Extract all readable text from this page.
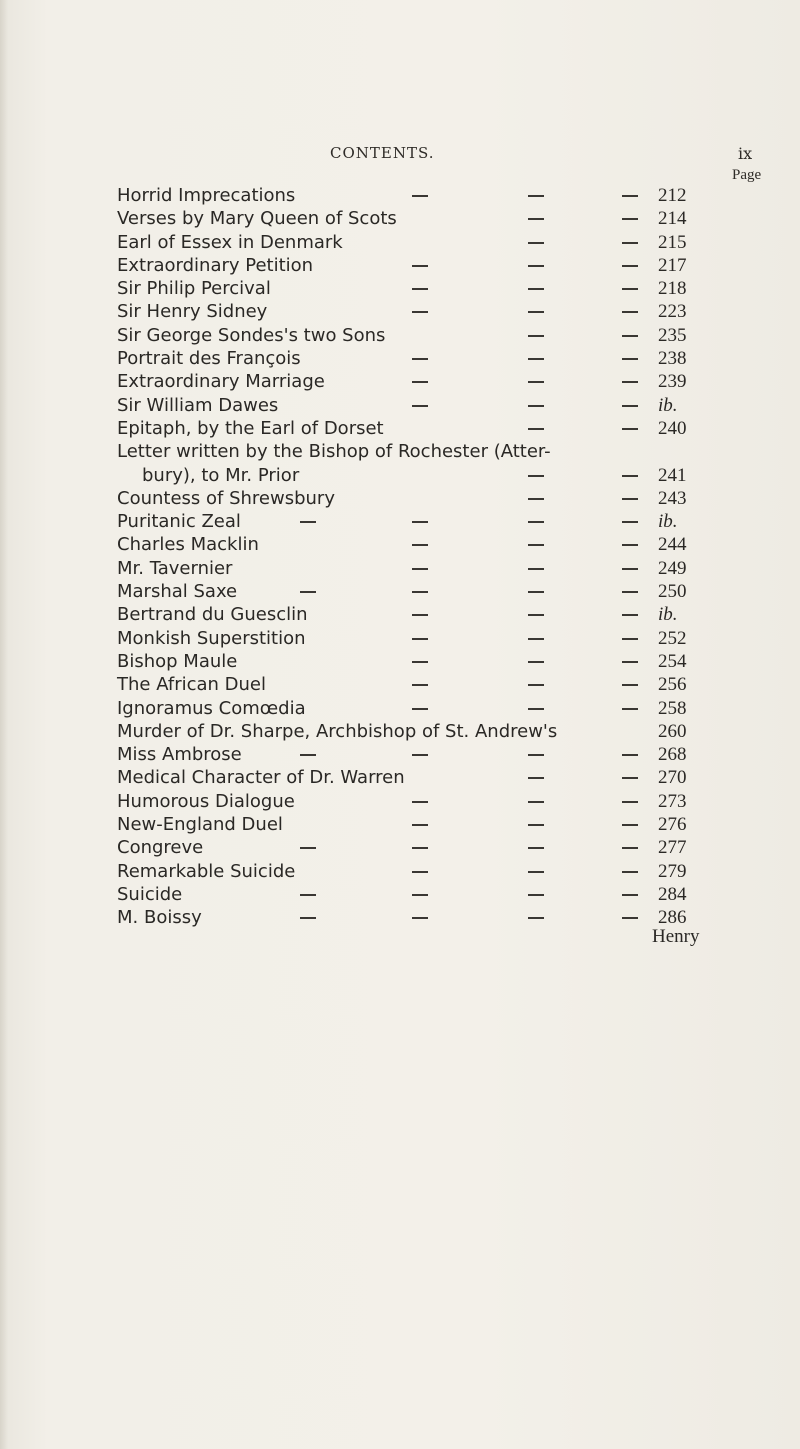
CONTENTS.	ix
Page
Horrid Imprecations	212
Verses by Mary Queen of Scots	214
Earl of Essex in Denmark	215
Extraordinary Petition	217
Sir Philip Percival	218
Sir Henry Sidney	223
Sir George Sondes's two Sons	235
Portrait des François	238
Extraordinary Marriage	239
Sir William Dawes	ib.
Epitaph, by the Earl of Dorset	240
Letter written by the Bishop of Rochester (Atter-
bury), to Mr. Prior	241
Countess of Shrewsbury	243
Puritanic Zeal	ib.
Charles Macklin	244
Mr. Tavernier	249
Marshal Saxe	250
Bertrand du Guesclin	ib.
Monkish Superstition	252
Bishop Maule	254
The African Duel	256
Ignoramus Comœdia	258
Murder of Dr. Sharpe, Archbishop of St. Andrew's	260
Miss Ambrose	268
Medical Character of Dr. Warren	270
Humorous Dialogue	273
New-England Duel	276
Congreve	277
Remarkable Suicide	279
Suicide	284
M. Boissy	286
Henry
